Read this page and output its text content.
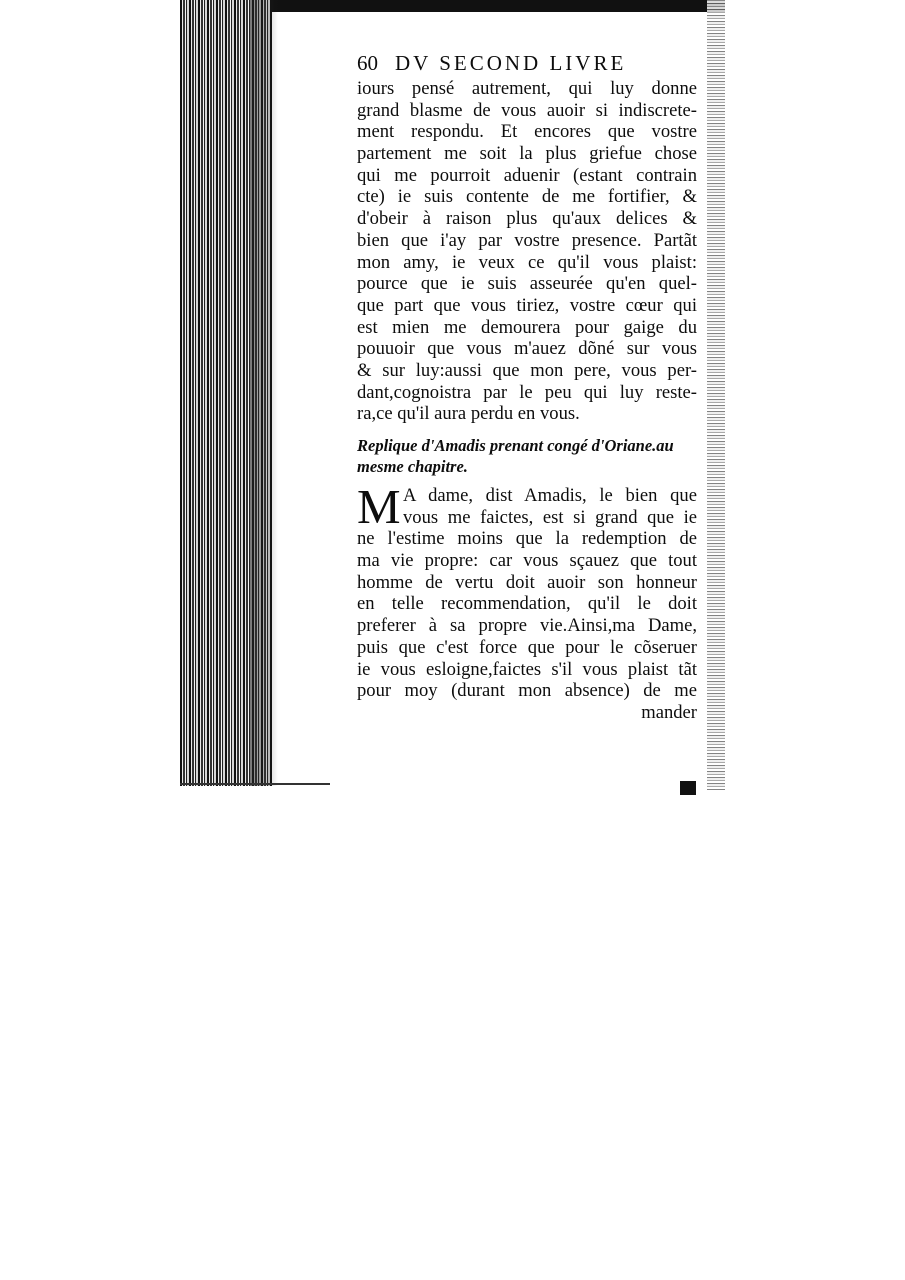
60 DV SECOND LIVRE
iours pensé autrement, qui luy donne
grand blasme de vous auoir si indiscrete-
ment respondu. Et encores que vostre
partement me soit la plus griefue chose
qui me pourroit aduenir (estant contrain
cte) ie suis contente de me fortifier, &
d'obeir à raison plus qu'aux delices &
bien que i'ay par vostre presence. Partãt
mon amy, ie veux ce qu'il vous plaist:
pource que ie suis asseurée qu'en quel-
que part que vous tiriez, vostre cœur qui
est mien me demourera pour gaige du
pouuoir que vous m'auez dõné sur vous
& sur luy:aussi que mon pere, vous per-
dant,cognoistra par le peu qui luy reste-
ra,ce qu'il aura perdu en vous.
Replique d'Amadis prenant congé d'Oriane.au
mesme chapitre.
M A dame, dist Amadis, le bien que
vous me faictes, est si grand que ie
ne l'estime moins que la redemption de
ma vie propre: car vous sçauez que tout
homme de vertu doit auoir son honneur
en telle recommendation, qu'il le doit
preferer à sa propre vie.Ainsi,ma Dame,
puis que c'est force que pour le cõseruer
ie vous esloigne,faictes s'il vous plaist tãt
pour moy (durant mon absence) de me
mander
